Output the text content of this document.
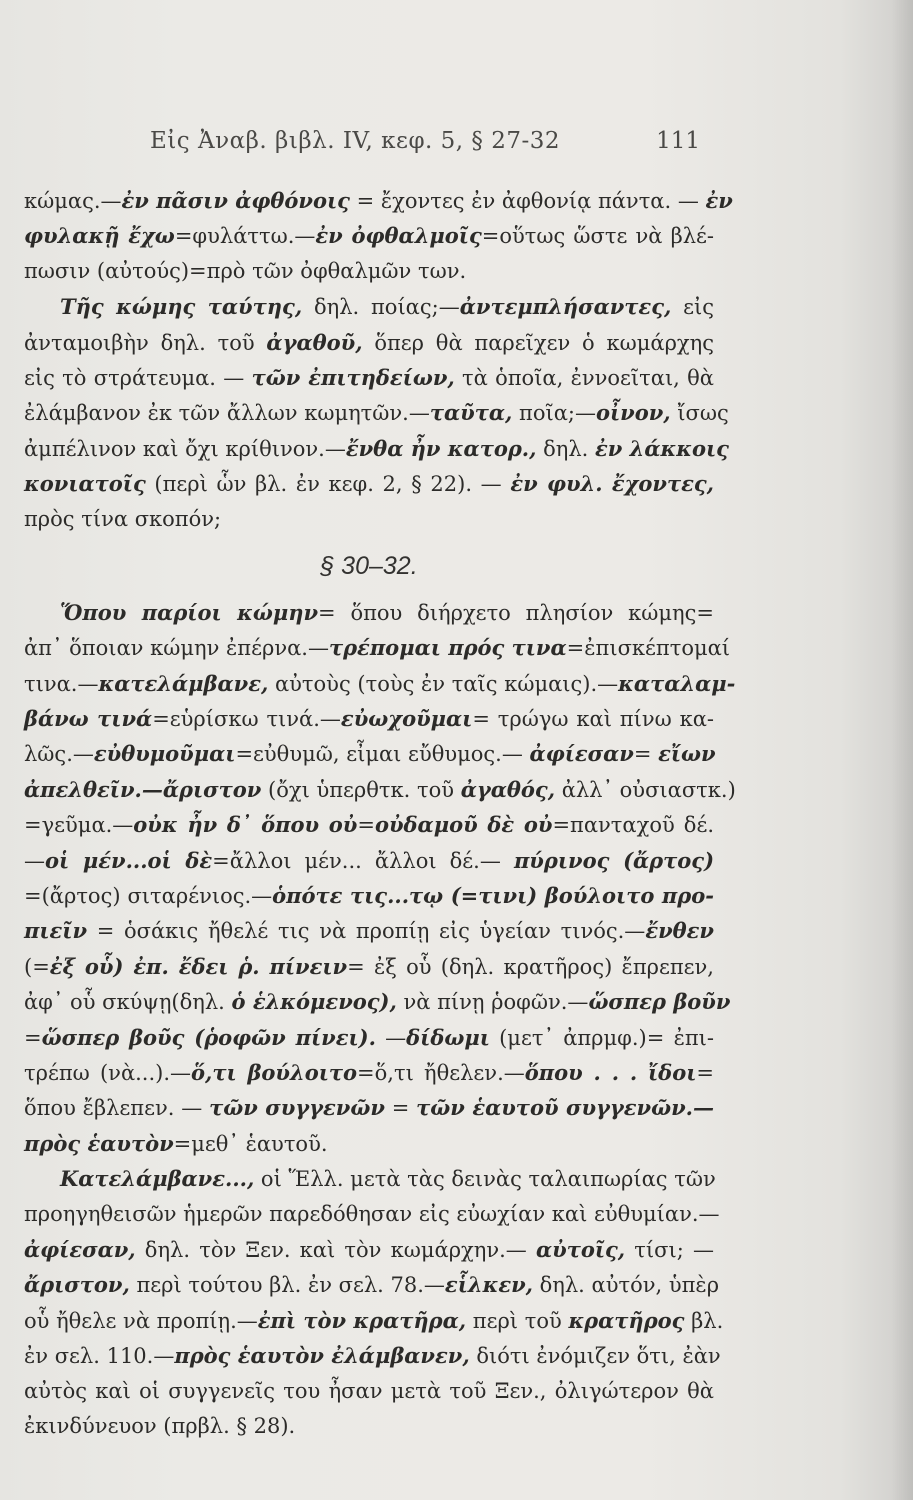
Εἰς Ἀναβ. βιβλ. IV, κεφ. 5, § 27-32	111
κώμας.—ἐν πᾶσιν ἀφθόνοις = ἔχοντες ἐν ἀφθονίᾳ πάντα. — ἐν
φυλακῇ ἔχω=φυλάττω.—ἐν ὀφθαλμοῖς=οὕτως ὥστε νὰ βλέ-
πωσιν (αὐτούς)=πρὸ τῶν ὀφθαλμῶν των.
Τῆς κώμης ταύτης, δηλ. ποίας;—ἀντεμπλήσαντες, εἰς
ἀνταμοιβὴν δηλ. τοῦ ἀγαθοῦ, ὅπερ θὰ παρεῖχεν ὁ κωμάρχης
εἰς τὸ στράτευμα. — τῶν ἐπιτηδείων, τὰ ὁποῖα, ἐννοεῖται, θὰ
ἐλάμβανον ἐκ τῶν ἄλλων κωμητῶν.—ταῦτα, ποῖα;—οἶνον, ἴσως
ἀμπέλινον καὶ ὄχι κρίθινον.—ἔνθα ἦν κατορ., δηλ. ἐν λάκκοις
κονιατοῖς (περὶ ὧν βλ. ἐν κεφ. 2, § 22). — ἐν φυλ. ἔχοντες,
πρὸς τίνα σκοπόν;
§ 30–32.
Ὅπου παρίοι κώμην= ὅπου διήρχετο πλησίον κώμης=
ἀπ᾽ ὅποιαν κώμην ἐπέρνα.—τρέπομαι πρός τινα=ἐπισκέπτομαί
τινα.—κατελάμβανε, αὐτοὺς (τοὺς ἐν ταῖς κώμαις).—καταλαμ-
βάνω τινά=εὑρίσκω τινά.—εὐωχοῦμαι= τρώγω καὶ πίνω κα-
λῶς.—εὐθυμοῦμαι=εὐθυμῶ, εἶμαι εὔθυμος.— ἀφίεσαν= εἴων
ἀπελθεῖν.—ἄριστον (ὄχι ὑπερθτκ. τοῦ ἀγαθός, ἀλλ᾽ οὐσιαστκ.)
=γεῦμα.—οὐκ ἦν δ᾽ ὅπου οὐ=οὐδαμοῦ δὲ οὐ=πανταχοῦ δέ.
—οἱ μέν...οἱ δὲ=ἄλλοι μέν... ἄλλοι δέ.— πύρινος (ἄρτος)
=(ἄρτος) σιταρένιος.—ὁπότε τις...τῳ (=τινι) βούλοιτο προ-
πιεῖν = ὁσάκις ἤθελέ τις νὰ προπίῃ εἰς ὑγείαν τινός.—ἔνθεν
(=ἐξ οὗ) ἐπ. ἔδει ῥ. πίνειν= ἐξ οὗ (δηλ. κρατῆρος) ἔπρεπεν,
ἀφ᾽ οὗ σκύψῃ(δηλ. ὁ ἑλκόμενος), νὰ πίνῃ ῥοφῶν.—ὥσπερ βοῦν
=ὥσπερ βοῦς (ῥοφῶν πίνει). —δίδωμι (μετ᾽ ἀπρμφ.)= ἐπι-
τρέπω (νὰ...).—ὅ,τι βούλοιτο=ὅ,τι ἤθελεν.—ὅπου . . . ἴδοι=
ὅπου ἔβλεπεν. — τῶν συγγενῶν = τῶν ἑαυτοῦ συγγενῶν.—
πρὸς ἑαυτὸν=μεθ᾽ ἑαυτοῦ.
Κατελάμβανε..., οἱ Ἕλλ. μετὰ τὰς δεινὰς ταλαιπωρίας τῶν
προηγηθεισῶν ἡμερῶν παρεδόθησαν εἰς εὐωχίαν καὶ εὐθυμίαν.—
ἀφίεσαν, δηλ. τὸν Ξεν. καὶ τὸν κωμάρχην.— αὐτοῖς, τίσι; —
ἄριστον, περὶ τούτου βλ. ἐν σελ. 78.—εἷλκεν, δηλ. αὐτόν, ὑπὲρ
οὗ ἤθελε νὰ προπίῃ.—ἐπὶ τὸν κρατῆρα, περὶ τοῦ κρατῆρος βλ.
ἐν σελ. 110.—πρὸς ἑαυτὸν ἐλάμβανεν, διότι ἐνόμιζεν ὅτι, ἐὰν
αὐτὸς καὶ οἱ συγγενεῖς του ἦσαν μετὰ τοῦ Ξεν., ὀλιγώτερον θὰ
ἐκινδύνευον (πρβλ. § 28).
